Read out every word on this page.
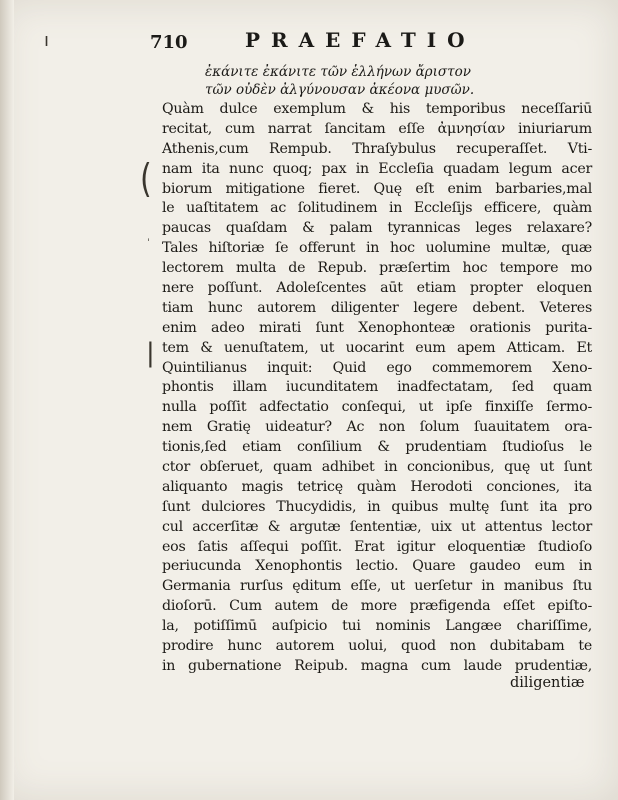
ı
(
ˈ
|
710	PRAEFATIO
ἐκάνιτε ἐκάνιτε τῶν ἑλλήνων ἄριστον
τῶν οὐδὲν ἀλγύνουσαν ἀκέονα μυσῶν.
Quàm dulce exemplum & his temporibus neceſſariū
recitat, cum narrat ſancitam eſſe ἀμνησίαν iniuriarum
Athenis,cum Rempub. Thraſybulus recuperaſſet. Vti-
nam ita nunc quoq; pax in Eccleſia quadam legum acer
biorum mitigatione fieret. Quę eſt enim barbaries,mal
le uaſtitatem ac ſolitudinem in Eccleſijs efficere, quàm
paucas quaſdam & palam tyrannicas leges relaxare?
Tales hiſtoriæ ſe offerunt in hoc uolumine multæ, quæ
lectorem multa de Repub. præſertim hoc tempore mo
nere poſſunt. Adoleſcentes aūt etiam propter eloquen
tiam hunc autorem diligenter legere debent. Veteres
enim adeo mirati ſunt Xenophonteæ orationis puritа-
tem & uenuſtatem, ut uocarint eum apem Atticam. Et
Quintilianus inquit: Quid ego commemorem Xeno-
phontis illam iucunditatem inadfectatam, ſed quam
nulla poſſit adfectatio conſequi, ut ipſe finxiſſe ſermo-
nem Gratię uideatur? Ac non ſolum ſuauitatem ora-
tionis,ſed etiam conſilium & prudentiam ſtudioſus le
ctor obſeruet, quam adhibet in concionibus, quę ut ſunt
aliquanto magis tetricę quàm Herodoti conciones, ita
ſunt dulciores Thucydidis, in quibus multę ſunt ita pro
cul accerſitæ & argutæ ſententiæ, uix ut attentus lector
eos ſatis aſſequi poſſit. Erat igitur eloquentiæ ſtudioſo
periucunda Xenophontis lectio. Quare gaudeo eum in
Germania rurſus ęditum eſſe, ut uerſetur in manibus ſtu
dioſorū. Cum autem de more præfigenda eſſet epiſto-
la, potiſſimū auſpicio tui nominis Langæe chariſſime,
prodire hunc autorem uolui, quod non dubitabam te
in gubernatione Reipub. magna cum laude prudentiæ,
diligentiæ
